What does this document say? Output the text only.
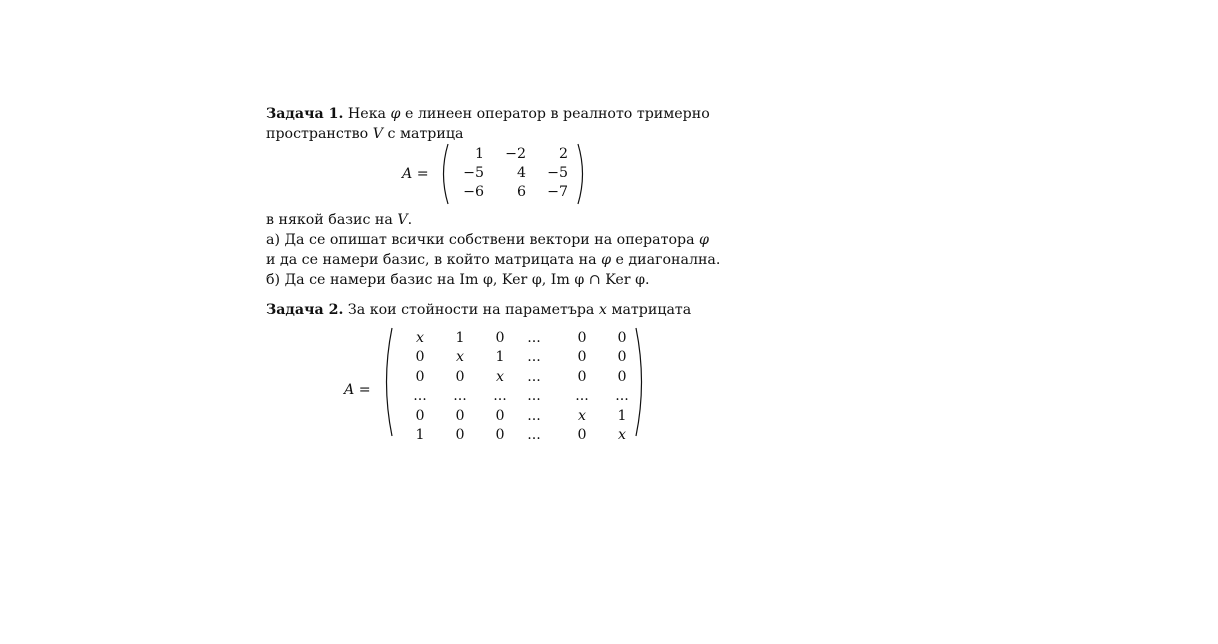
Задача 1. Нека φ е линеен оператор в реалното тримерно
пространство V с матрица
A =
1	−2	2
−5	4	−5
−6	6	−7
в някой базис на V.
а) Да се опишат всички собствени вектори на оператора φ
и да се намери базис, в който матрицата на φ е диагонална.
б) Да се намери базис на Im φ, Ker φ, Im φ ∩ Ker φ.
Задача 2. За кои стойности на параметъра x матрицата
A =
x	1	0	...	0	0
0	x	1	...	0	0
0	0	x	...	0	0
...	...	...	...	...	...
0	0	0	...	x	1
1	0	0	...	0	x
